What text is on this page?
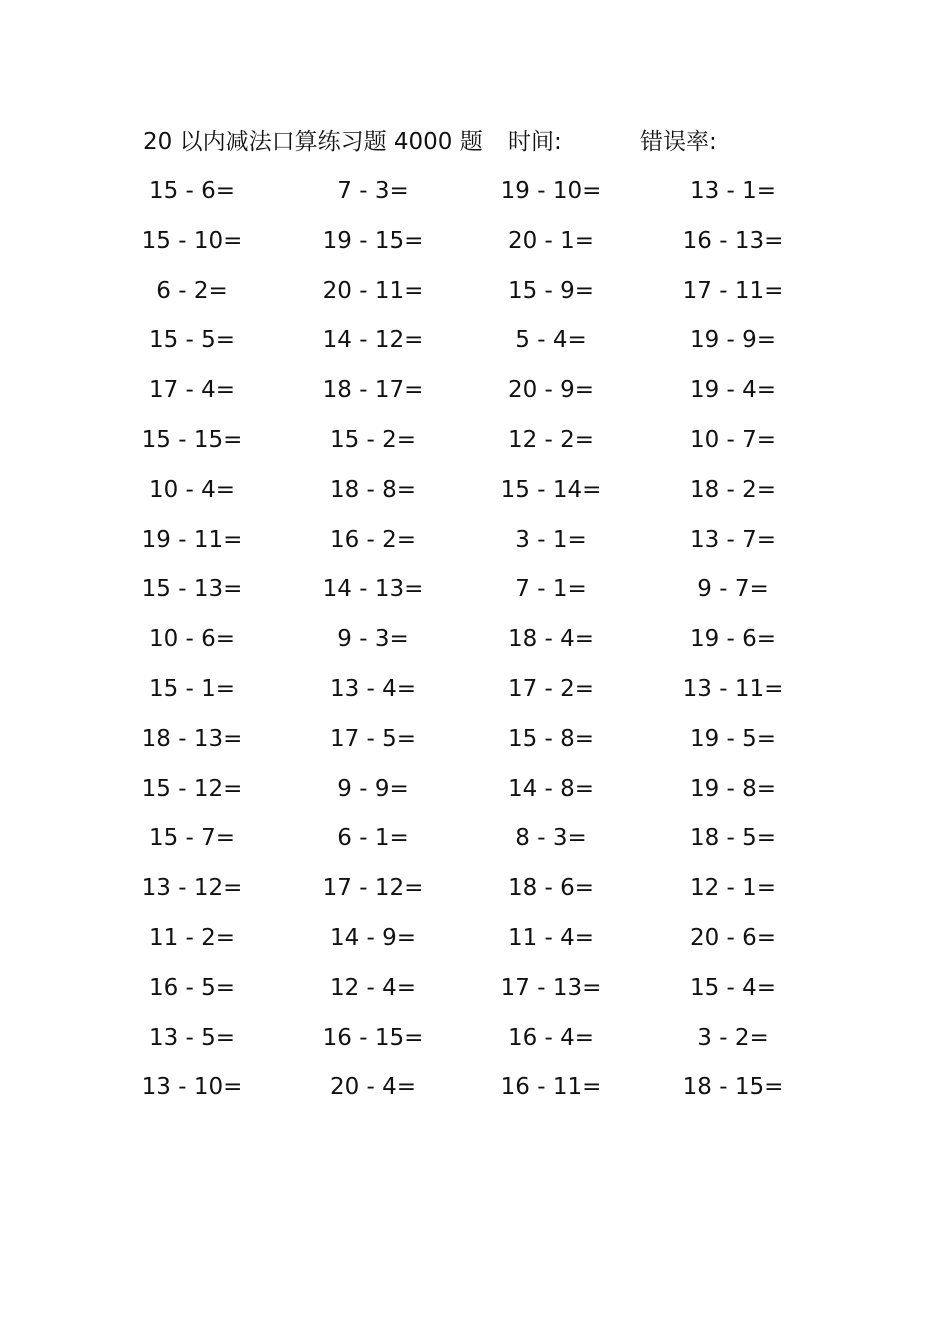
20 以内减法口算练习题 4000 题 时间:	错误率:
15 - 6=	7 - 3=	19 - 10=	13 - 1=
15 - 10=	19 - 15=	20 - 1=	16 - 13=
6 - 2=	20 - 11=	15 - 9=	17 - 11=
15 - 5=	14 - 12=	5 - 4=	19 - 9=
17 - 4=	18 - 17=	20 - 9=	19 - 4=
15 - 15=	15 - 2=	12 - 2=	10 - 7=
10 - 4=	18 - 8=	15 - 14=	18 - 2=
19 - 11=	16 - 2=	3 - 1=	13 - 7=
15 - 13=	14 - 13=	7 - 1=	9 - 7=
10 - 6=	9 - 3=	18 - 4=	19 - 6=
15 - 1=	13 - 4=	17 - 2=	13 - 11=
18 - 13=	17 - 5=	15 - 8=	19 - 5=
15 - 12=	9 - 9=	14 - 8=	19 - 8=
15 - 7=	6 - 1=	8 - 3=	18 - 5=
13 - 12=	17 - 12=	18 - 6=	12 - 1=
11 - 2=	14 - 9=	11 - 4=	20 - 6=
16 - 5=	12 - 4=	17 - 13=	15 - 4=
13 - 5=	16 - 15=	16 - 4=	3 - 2=
13 - 10=	20 - 4=	16 - 11=	18 - 15=
